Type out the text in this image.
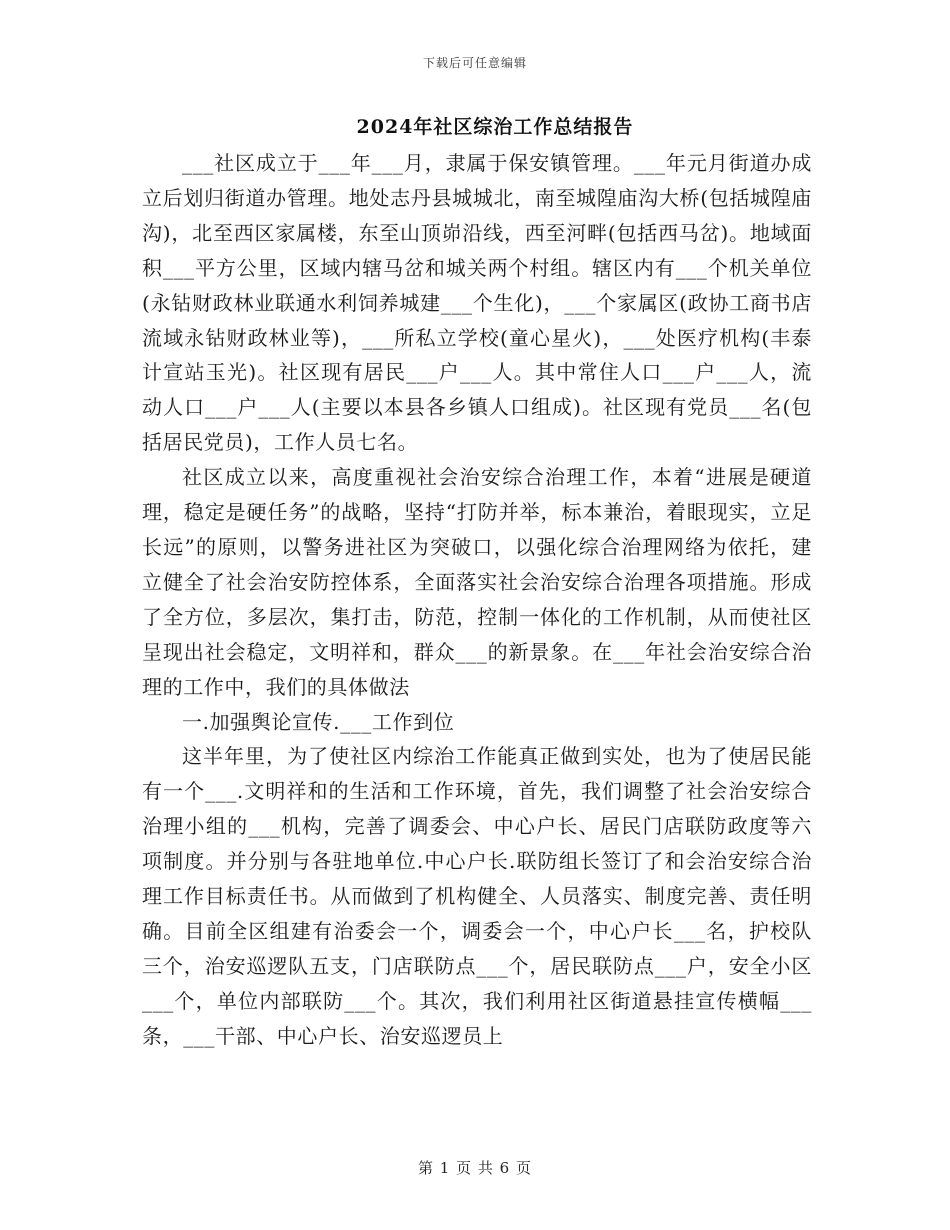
下载后可任意编辑
2024年社区综治工作总结报告

___社区成立于___年___月，隶属于保安镇管理。___年元月街道办成立后划归街道办管理。地处志丹县城城北，南至城隍庙沟大桥(包括城隍庙沟)，北至西区家属楼，东至山顶峁沿线，西至河畔(包括西马岔)。地域面积___平方公里，区域内辖马岔和城关两个村组。辖区内有___个机关单位(永钻财政林业联通水利饲养城建___个生化)，___个家属区(政协工商书店流域永钻财政林业等)，___所私立学校(童心星火)，___处医疗机构(丰泰计宣站玉光)。社区现有居民___户___人。其中常住人口___户___人，流动人口___户___人(主要以本县各乡镇人口组成)。社区现有党员___名(包括居民党员)，工作人员七名。

社区成立以来，高度重视社会治安综合治理工作，本着“进展是硬道理，稳定是硬任务”的战略，坚持“打防并举，标本兼治，着眼现实，立足长远”的原则，以警务进社区为突破口，以强化综合治理网络为依托，建立健全了社会治安防控体系，全面落实社会治安综合治理各项措施。形成了全方位，多层次，集打击，防范，控制一体化的工作机制，从而使社区呈现出社会稳定，文明祥和，群众___的新景象。在___年社会治安综合治理的工作中，我们的具体做法

一.加强舆论宣传.___工作到位

这半年里，为了使社区内综治工作能真正做到实处，也为了使居民能有一个___.文明祥和的生活和工作环境，首先，我们调整了社会治安综合治理小组的___机构，完善了调委会、中心户长、居民门店联防政度等六项制度。并分别与各驻地单位.中心户长.联防组长签订了和会治安综合治理工作目标责任书。从而做到了机构健全、人员落实、制度完善、责任明确。目前全区组建有治委会一个，调委会一个，中心户长___名，护校队三个，治安巡逻队五支，门店联防点___个，居民联防点___户，安全小区___个，单位内部联防___个。其次，我们利用社区街道悬挂宣传横幅___条，___干部、中心户长、治安巡逻员上

第 1 页 共 6 页
